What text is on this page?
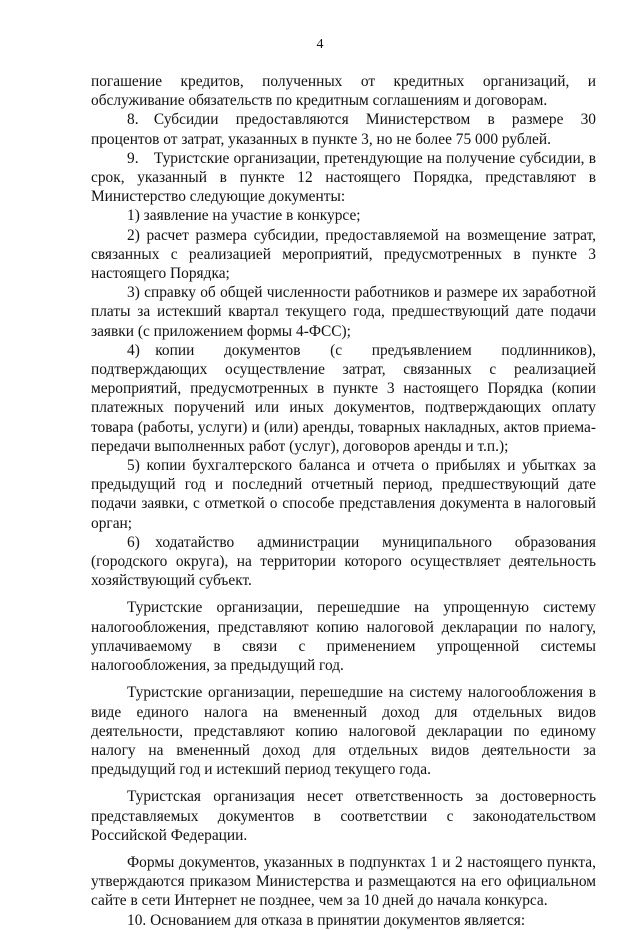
4

погашение кредитов, полученных от кредитных организаций, и обслуживание обязательств по кредитным соглашениям и договорам.

8. Субсидии предоставляются Министерством в размере 30 процентов от затрат, указанных в пункте 3, но не более 75 000 рублей.

9. Туристские организации, претендующие на получение субсидии, в срок, указанный в пункте 12 настоящего Порядка, представляют в Министерство следующие документы:

1) заявление на участие в конкурсе;

2) расчет размера субсидии, предоставляемой на возмещение затрат, связанных с реализацией мероприятий, предусмотренных в пункте 3 настоящего Порядка;

3) справку об общей численности работников и размере их заработной платы за истекший квартал текущего года, предшествующий дате подачи заявки (с приложением формы 4-ФСС);

4) копии документов (с предъявлением подлинников), подтверждающих осуществление затрат, связанных с реализацией мероприятий, предусмотренных в пункте 3 настоящего Порядка (копии платежных поручений или иных документов, подтверждающих оплату товара (работы, услуги) и (или) аренды, товарных накладных, актов приема-передачи выполненных работ (услуг), договоров аренды и т.п.);

5) копии бухгалтерского баланса и отчета о прибылях и убытках за предыдущий год и последний отчетный период, предшествующий дате подачи заявки, с отметкой о способе представления документа в налоговый орган;

6) ходатайство администрации муниципального образования (городского округа), на территории которого осуществляет деятельность хозяйствующий субъект.

Туристские организации, перешедшие на упрощенную систему налогообложения, представляют копию налоговой декларации по налогу, уплачиваемому в связи с применением упрощенной системы налогообложения, за предыдущий год.

Туристские организации, перешедшие на систему налогообложения в виде единого налога на вмененный доход для отдельных видов деятельности, представляют копию налоговой декларации по единому налогу на вмененный доход для отдельных видов деятельности за предыдущий год и истекший период текущего года.

Туристская организация несет ответственность за достоверность представляемых документов в соответствии с законодательством Российской Федерации.

Формы документов, указанных в подпунктах 1 и 2 настоящего пункта, утверждаются приказом Министерства и размещаются на его официальном сайте в сети Интернет не позднее, чем за 10 дней до начала конкурса.

10. Основанием для отказа в принятии документов является:
